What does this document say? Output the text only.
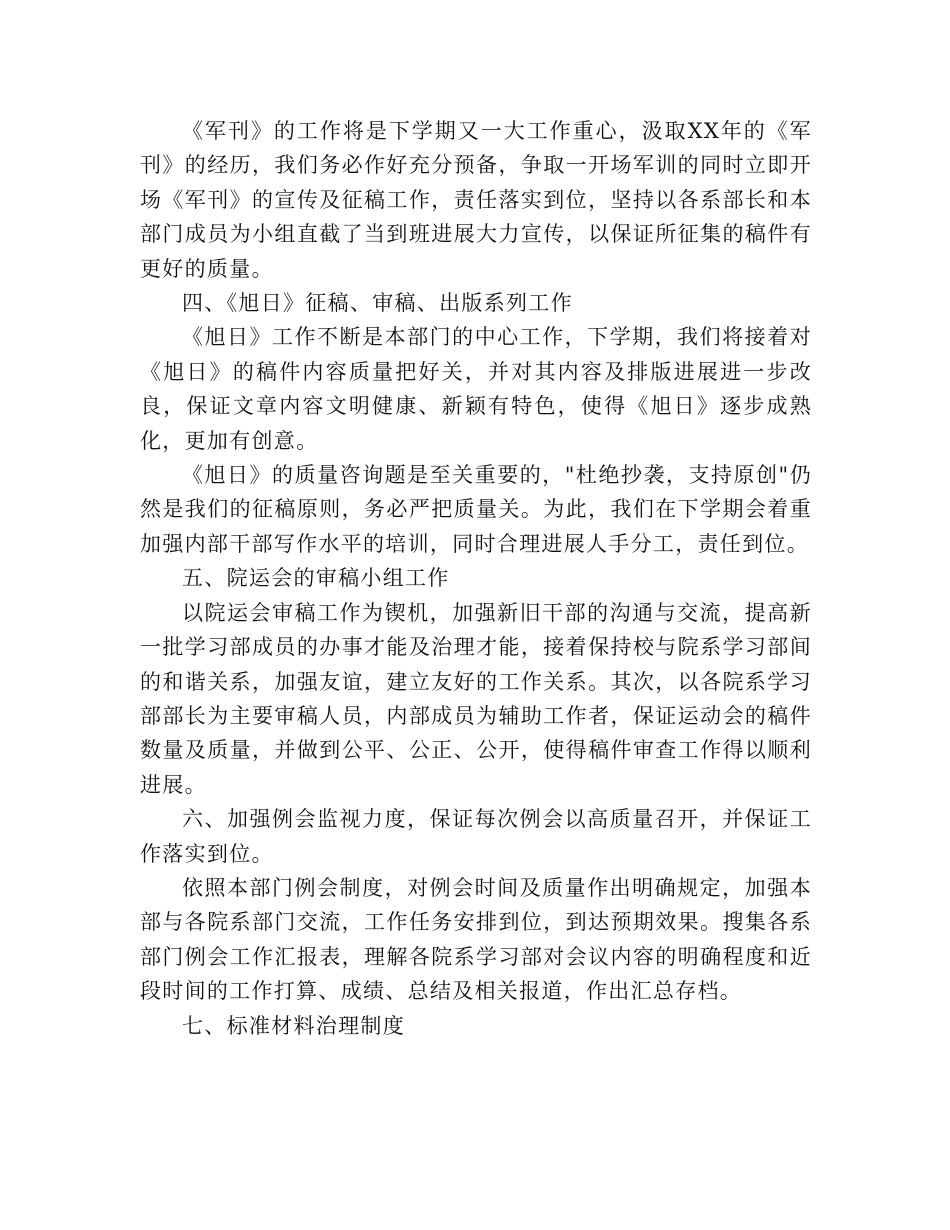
《军刊》的工作将是下学期又一大工作重心，汲取XX年的《军刊》的经历，我们务必作好充分预备，争取一开场军训的同时立即开场《军刊》的宣传及征稿工作，责任落实到位，坚持以各系部长和本部门成员为小组直截了当到班进展大力宣传，以保证所征集的稿件有更好的质量。

四、《旭日》征稿、审稿、出版系列工作

《旭日》工作不断是本部门的中心工作，下学期，我们将接着对《旭日》的稿件内容质量把好关，并对其内容及排版进展进一步改良，保证文章内容文明健康、新颖有特色，使得《旭日》逐步成熟化，更加有创意。

《旭日》的质量咨询题是至关重要的，"杜绝抄袭，支持原创"仍然是我们的征稿原则，务必严把质量关。为此，我们在下学期会着重加强内部干部写作水平的培训，同时合理进展人手分工，责任到位。

五、院运会的审稿小组工作

以院运会审稿工作为锲机，加强新旧干部的沟通与交流，提高新一批学习部成员的办事才能及治理才能，接着保持校与院系学习部间的和谐关系，加强友谊，建立友好的工作关系。其次，以各院系学习部部长为主要审稿人员，内部成员为辅助工作者，保证运动会的稿件数量及质量，并做到公平、公正、公开，使得稿件审查工作得以顺利进展。

六、加强例会监视力度，保证每次例会以高质量召开，并保证工作落实到位。

依照本部门例会制度，对例会时间及质量作出明确规定，加强本部与各院系部门交流，工作任务安排到位，到达预期效果。搜集各系部门例会工作汇报表，理解各院系学习部对会议内容的明确程度和近段时间的工作打算、成绩、总结及相关报道，作出汇总存档。

七、标准材料治理制度
